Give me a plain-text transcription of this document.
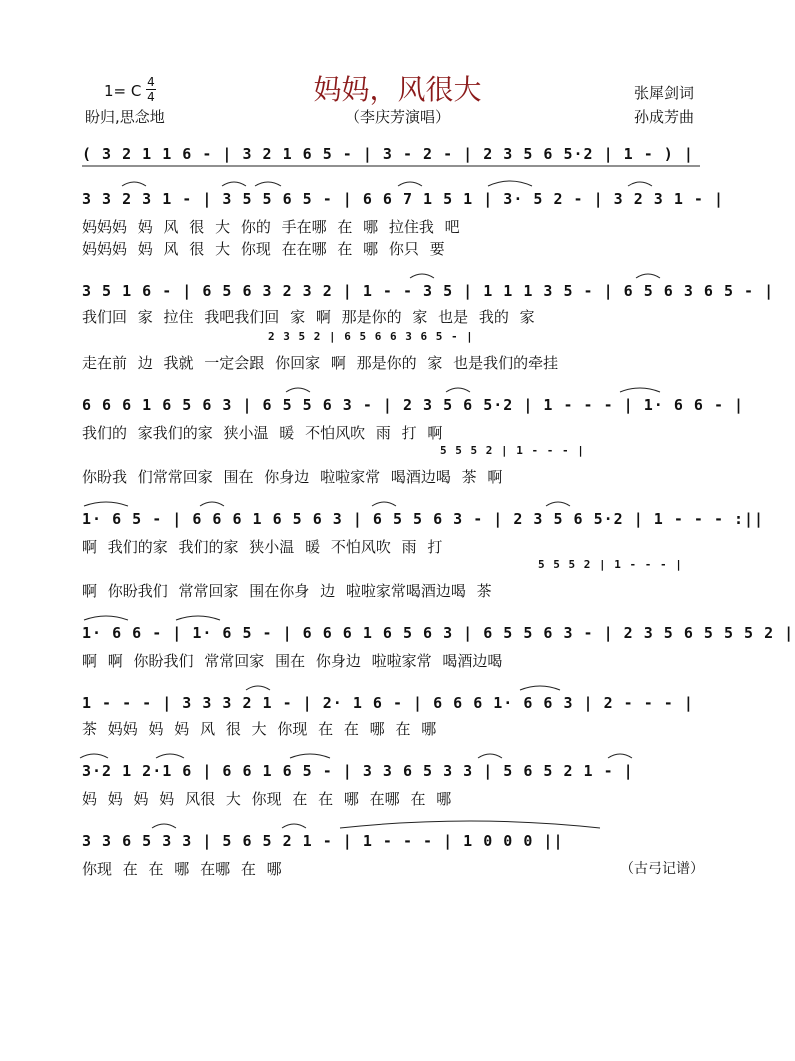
妈妈，风很大
1= C 4
4	张犀剑词
孙成芳曲
盼归,思念地	（李庆芳演唱）
( 3 2 1 1 6 - | 3 2 1 6 5 - | 3 - 2 - | 2 3 5 6 5·2 | 1 - ) |
3 3 2 3 1 - | 3 5 5 6 5 - | 6 6 7 1 5 1 | 3· 5 2 - | 3 2 3 1 - |
妈妈妈 妈 风 很 大 你的 手在哪 在 哪 拉住我 吧
妈妈妈 妈 风 很 大 你现 在在哪 在 哪 你只 要
3 5 1 6 - | 6 5 6 3 2 3 2 | 1 - - 3 5 | 1 1 1 3 5 - | 6 5 6 3 6 5 - |
我们回 家 拉住 我吧我们回 家 啊 那是你的 家 也是 我的 家
2 3 5 2 | 6 5 6 6 3 6 5 - |
走在前 边 我就 一定会跟 你回家 啊 那是你的 家 也是我们的牵挂
6 6 6 1 6 5 6 3 | 6 5 5 6 3 - | 2 3 5 6 5·2 | 1 - - - | 1· 6 6 - |
我们的 家我们的家 狭小温 暖 不怕风吹 雨 打 啊
5 5 5 2 | 1 - - - |
你盼我 们常常回家 围在 你身边 啦啦家常 喝酒边喝 茶 啊
1· 6 5 - | 6 6 6 1 6 5 6 3 | 6 5 5 6 3 - | 2 3 5 6 5·2 | 1 - - - :||
啊 我们的家 我们的家 狭小温 暖 不怕风吹 雨 打
5 5 5 2 | 1 - - - |
啊 你盼我们 常常回家 围在你身 边 啦啦家常喝酒边喝 茶
1· 6 6 - | 1· 6 5 - | 6 6 6 1 6 5 6 3 | 6 5 5 6 3 - | 2 3 5 6 5 5 5 2 |
啊 啊 你盼我们 常常回家 围在 你身边 啦啦家常 喝酒边喝
1 - - - | 3 3 3 2 1 - | 2· 1 6 - | 6 6 6 1· 6 6 3 | 2 - - - |
茶 妈妈 妈 妈 风 很 大 你现 在 在 哪 在 哪
3·2 1 2·1 6 | 6 6 1 6 5 - | 3 3 6 5 3 3 | 5 6 5 2 1 - |
妈 妈 妈 妈 风很 大 你现 在 在 哪 在哪 在 哪
3 3 6 5 3 3 | 5 6 5 2 1 - | 1 - - - | 1 0 0 0 ||
你现 在 在 哪 在哪 在 哪	（古弓记谱）
